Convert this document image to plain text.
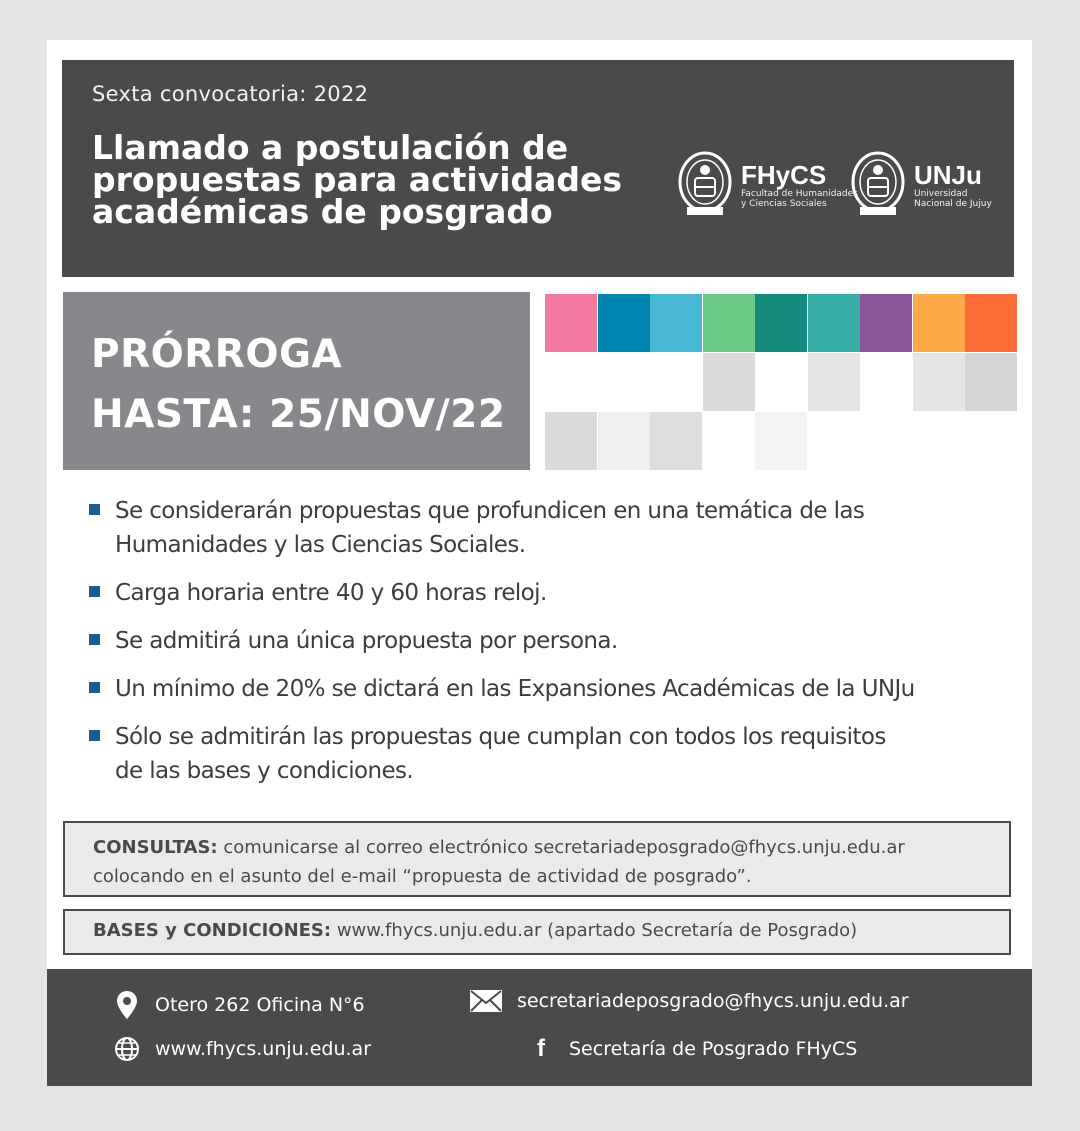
Sexta convocatoria: 2022
Llamado a postulación de
propuestas para actividades
académicas de posgrado
FHyCS
Facultad de Humanidades
y Ciencias Sociales
UNJu
Universidad
Nacional de Jujuy
PRÓRROGA
HASTA: 25/NOV/22
Se considerarán propuestas que profundicen en una temática de las
Humanidades y las Ciencias Sociales.
Carga horaria entre 40 y 60 horas reloj.
Se admitirá una única propuesta por persona.
Un mínimo de 20% se dictará en las Expansiones Académicas de la UNJu
Sólo se admitirán las propuestas que cumplan con todos los requisitos
de las bases y condiciones.
CONSULTAS: comunicarse al correo electrónico secretariadeposgrado@fhycs.unju.edu.ar colocando en el asunto del e-mail “propuesta de actividad de posgrado”.
BASES y CONDICIONES: www.fhycs.unju.edu.ar (apartado Secretaría de Posgrado)
Otero 262 Oficina N°6	secretariadeposgrado@fhycs.unju.edu.ar
www.fhycs.unju.edu.ar	f	Secretaría de Posgrado FHyCS
